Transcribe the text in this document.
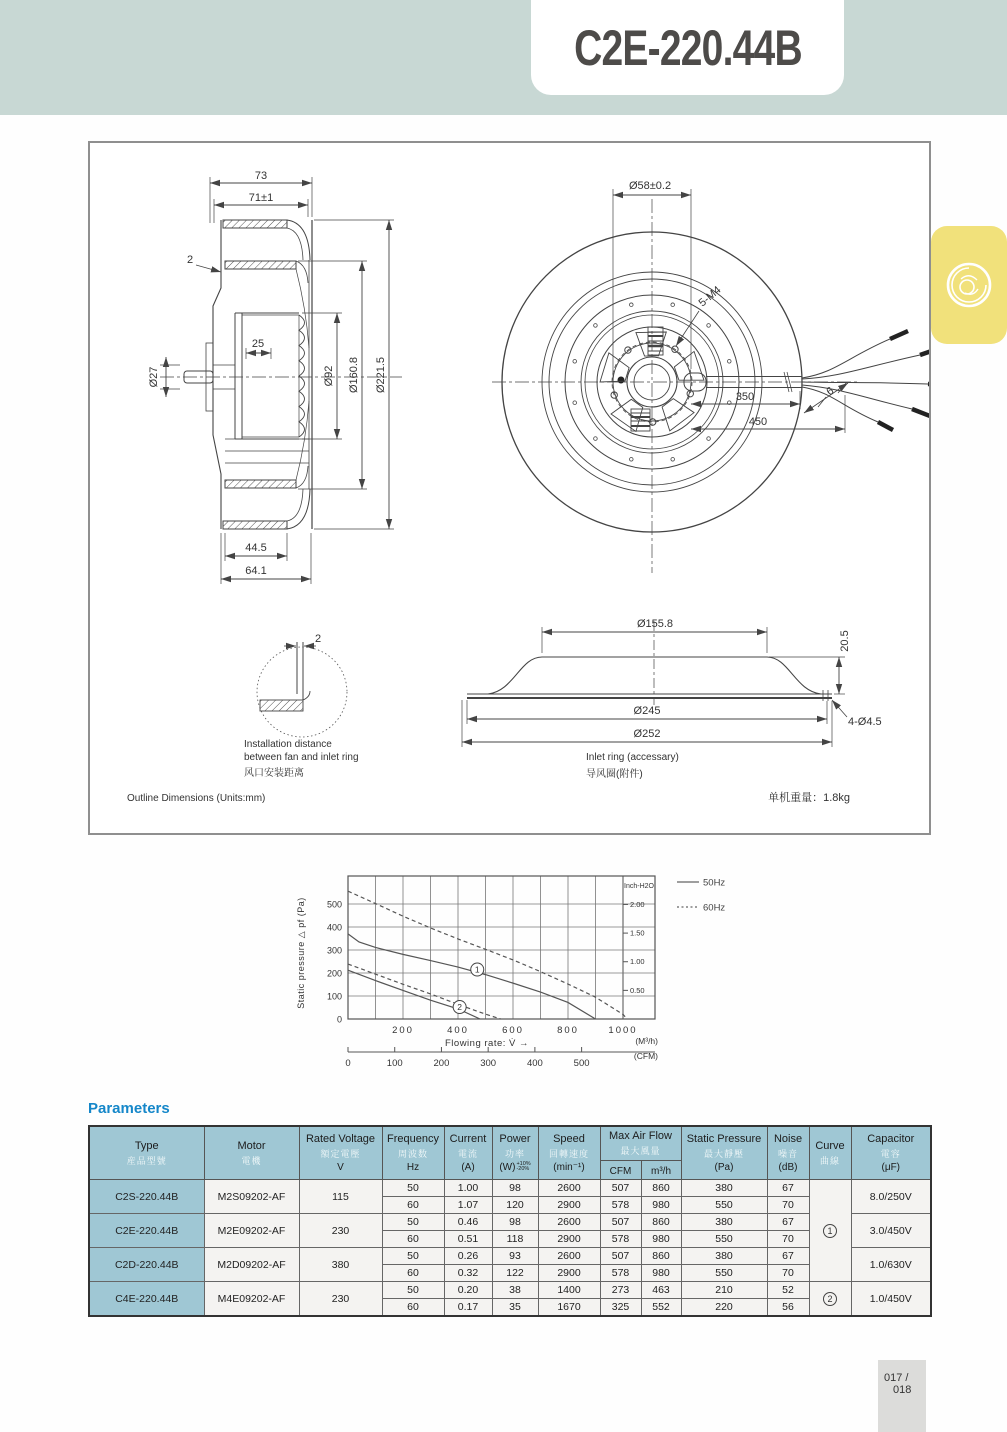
C2E-220.44B
73
71±1
2
25
Ø27	Ø92 Ø160.8 Ø221.5
44.5
64.1
Ø58±0.2
5-M4
350
450
6
2
Ø155.8
20.5
Ø245
Ø252
4-Ø4.5
Installation distance
between fan and inlet ring
风口安装距离
Inlet ring (accessary)
导风圈(附件)
Outline Dimensions (Units:mm)	单机重量：1.8kg
0
100
200
300
400
500
200	400	600	800	1000
Flowing rate: V̇ →	(M³/h)
Static pressure △ pf (Pa)
Inch-H2O
0.50
1.00
1.50
2.00
0	100	200	300	400	500
(CFM)
1
2
50Hz
60Hz
Parameters
Type
産品型號

Motor
電機

Rated Voltage
額定電壓
V

Frequency
周波数
Hz

Current
電流
(A)

Power
功率
(W) +10%
-20%

Speed
回轉速度
(min⁻¹)

Max Air Flow
最大風量

Static Pressure
最大靜壓
(Pa)

Noise
噪音
(dB)

Curve
曲線

Capacitor
電容
(μF)

							CFM	m³/h				

C2S-220.44B	M2S09202-AF	115	50	1.00	98	2600	507	860	380	67	1	8.0/250V
			60	1.07	120	2900	578	980	550	70		
C2E-220.44B	M2E09202-AF	230	50	0.46	98	2600	507	860	380	67		3.0/450V
			60	0.51	118	2900	578	980	550	70		
C2D-220.44B	M2D09202-AF	380	50	0.26	93	2600	507	860	380	67		1.0/630V
			60	0.32	122	2900	578	980	550	70		
C4E-220.44B	M4E09202-AF	230	50	0.20	38	1400	273	463	210	52	2	1.0/450V
			60	0.17	35	1670	325	552	220	56		
017 /
018
